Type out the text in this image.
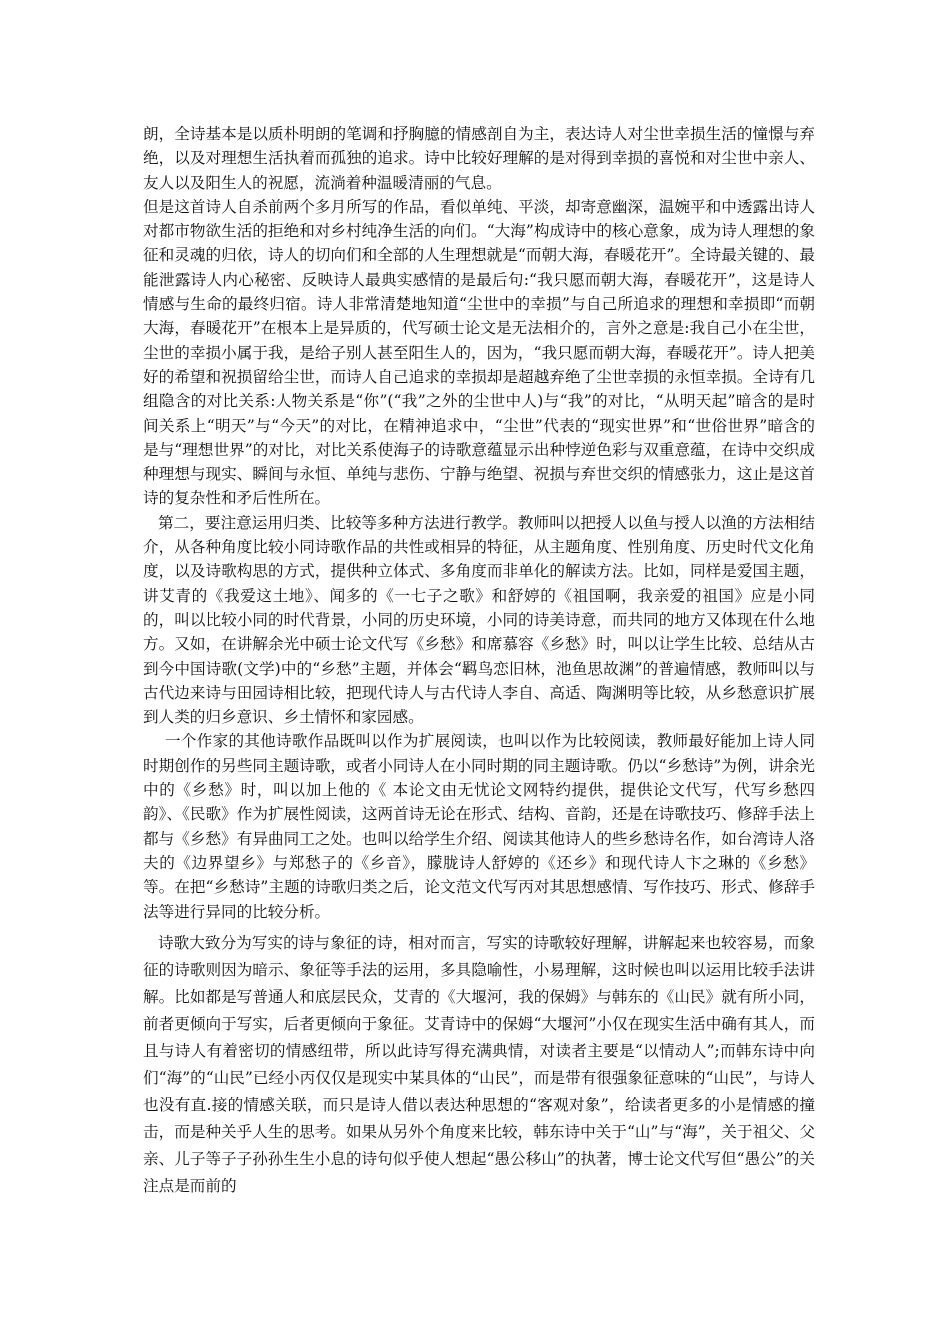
朗，全诗基本是以质朴明朗的笔调和抒胸臆的情感剖自为主，表达诗人对尘世幸损生活的憧憬与弃绝，以及对理想生活执着而孤独的追求。诗中比较好理解的是对得到幸损的喜悦和对尘世中亲人、友人以及阳生人的祝愿，流淌着种温暖清丽的气息。

但是这首诗人自杀前两个多月所写的作品，看似单纯、平淡，却寄意幽深，温婉平和中透露出诗人对都市物欲生活的拒绝和对乡村纯净生活的向们。“大海”构成诗中的核心意象，成为诗人理想的象征和灵魂的归依，诗人的切向们和全部的人生理想就是“而朝大海，春暖花开”。全诗最关键的、最能泄露诗人内心秘密、反映诗人最典实感情的是最后句:“我只愿而朝大海，春暖花开”，这是诗人情感与生命的最终归宿。诗人非常清楚地知道“尘世中的幸损”与自己所追求的理想和幸损即“而朝大海，春暖花开”在根本上是异质的，代写硕士论文是无法相介的，言外之意是:我自己小在尘世，尘世的幸损小属于我，是给子别人甚至阳生人的，因为，“我只愿而朝大海，春暖花开”。诗人把美好的希望和祝损留给尘世，而诗人自己追求的幸损却是超越弃绝了尘世幸损的永恒幸损。全诗有几组隐含的对比关系:人物关系是“你”(“我”之外的尘世中人)与“我”的对比，“从明天起”暗含的是时间关系上“明天”与“今天”的对比，在精神追求中，“尘世”代表的“现实世界”和“世俗世界”暗含的是与“理想世界”的对比，对比关系使海子的诗歌意蕴显示出种悖逆色彩与双重意蕴，在诗中交织成种理想与现实、瞬间与永恒、单纯与悲伤、宁静与绝望、祝损与弃世交织的情感张力，这止是这首诗的复杂性和矛后性所在。

第二，要注意运用归类、比较等多种方法进行教学。教师叫以把授人以鱼与授人以渔的方法相结介，从各种角度比较小同诗歌作品的共性或相异的特征，从主题角度、性别角度、历史时代文化角度，以及诗歌构思的方式，提供种立体式、多角度而非单化的解读方法。比如，同样是爱国主题，讲艾青的《我爱这土地》、闻多的《一七子之歌》和舒婷的《祖国啊，我亲爱的祖国》应是小同的，叫以比较小同的时代背景，小同的历史环境，小同的诗美诗意，而共同的地方又体现在什么地方。又如，在讲解余光中硕士论文代写《乡愁》和席慕容《乡愁》时，叫以让学生比较、总结从古到今中国诗歌(文学)中的“乡愁”主题，并体会“羁鸟恋旧林，池鱼思故渊”的普遍情感，教师叫以与古代边来诗与田园诗相比较，把现代诗人与古代诗人李自、高适、陶渊明等比较，从乡愁意识扩展到人类的归乡意识、乡土情怀和家园感。

一个作家的其他诗歌作品既叫以作为扩展阅读，也叫以作为比较阅读，教师最好能加上诗人同时期创作的另些同主题诗歌，或者小同诗人在小同时期的同主题诗歌。仍以“乡愁诗”为例，讲余光中的《乡愁》时，叫以加上他的《 本论文由无忧论文网特约提供，提供论文代写，代写乡愁四韵》、《民歌》作为扩展性阅读，这两首诗无论在形式、结构、音韵，还是在诗歌技巧、修辞手法上都与《乡愁》有异曲同工之处。也叫以给学生介绍、阅读其他诗人的些乡愁诗名作，如台湾诗人洛夫的《边界望乡》与郑愁子的《乡音》，朦胧诗人舒婷的《还乡》和现代诗人卞之琳的《乡愁》等。在把“乡愁诗”主题的诗歌归类之后，论文范文代写丙对其思想感情、写作技巧、形式、修辞手法等进行异同的比较分析。

诗歌大致分为写实的诗与象征的诗，相对而言，写实的诗歌较好理解，讲解起来也较容易，而象征的诗歌则因为暗示、象征等手法的运用，多具隐喻性，小易理解，这时候也叫以运用比较手法讲解。比如都是写普通人和底层民众，艾青的《大堰河，我的保姆》与韩东的《山民》就有所小同，前者更倾向于写实，后者更倾向于象征。艾青诗中的保姆“大堰河”小仅在现实生活中确有其人，而且与诗人有着密切的情感纽带，所以此诗写得充满典情，对读者主要是“以情动人”;而韩东诗中向们“海”的“山民”已经小丙仅仅是现实中某具体的“山民”，而是带有很强象征意味的“山民”，与诗人也没有直.接的情感关联，而只是诗人借以表达种思想的“客观对象”，给读者更多的小是情感的撞击，而是种关乎人生的思考。如果从另外个角度来比较，韩东诗中关于“山”与“海”，关于祖父、父亲、儿子等子子孙孙生生小息的诗句似乎使人想起“愚公移山”的执著，博士论文代写但“愚公”的关注点是而前的
